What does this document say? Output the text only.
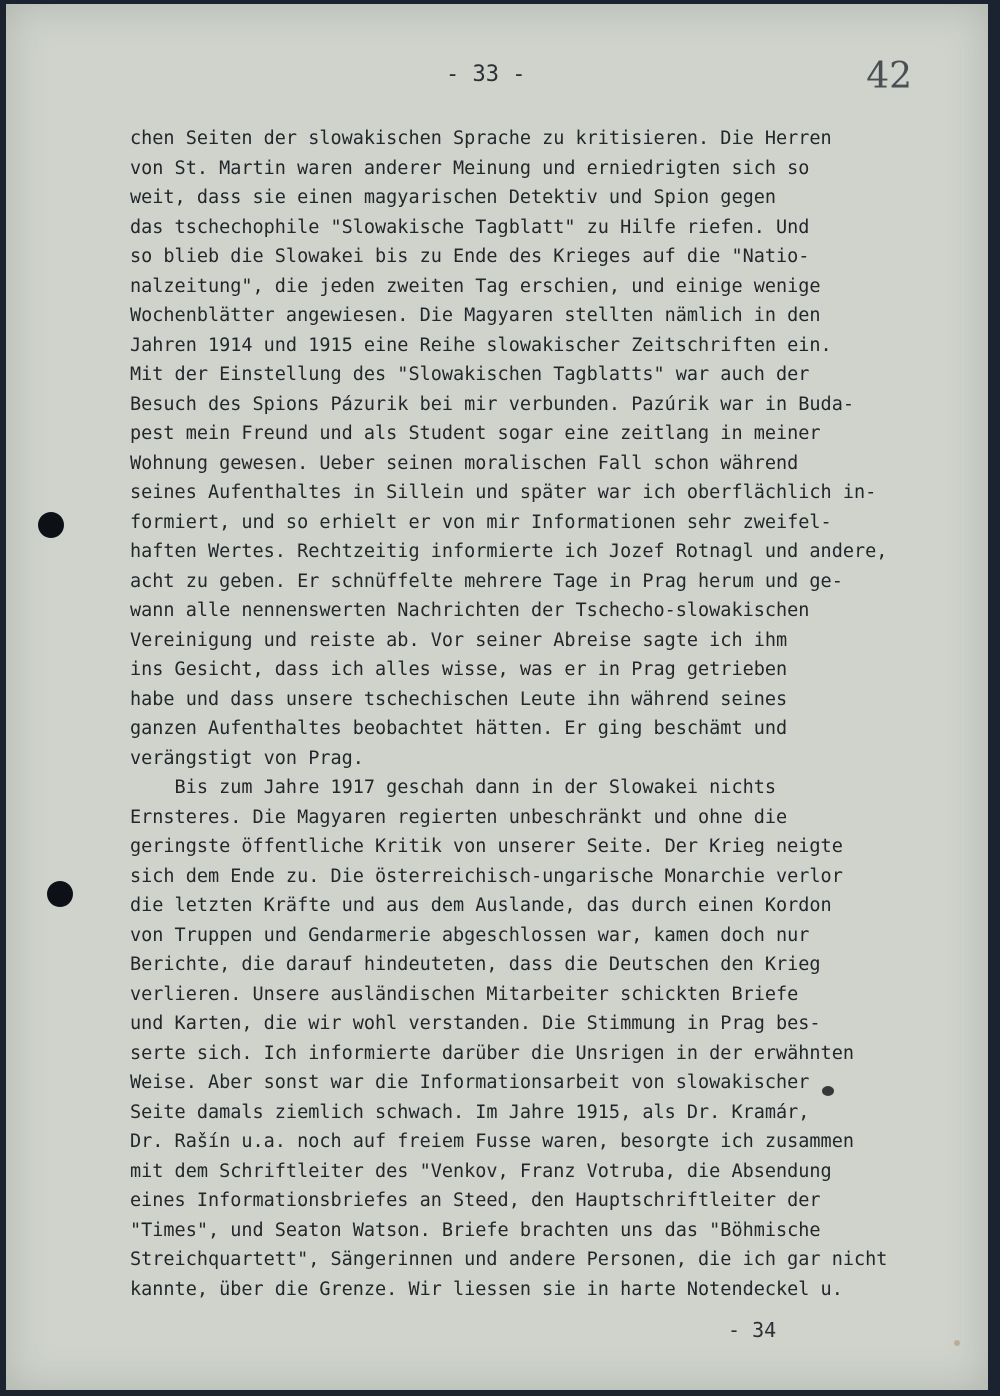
- 33 -	42
chen Seiten der slowakischen Sprache zu kritisieren. Die Herren
von St. Martin waren anderer Meinung und erniedrigten sich so
weit, dass sie einen magyarischen Detektiv und Spion gegen
das tschechophile "Slowakische Tagblatt" zu Hilfe riefen. Und
so blieb die Slowakei bis zu Ende des Krieges auf die "Natio-
nalzeitung", die jeden zweiten Tag erschien, und einige wenige
Wochenblätter angewiesen. Die Magyaren stellten nämlich in den
Jahren 1914 und 1915 eine Reihe slowakischer Zeitschriften ein.
Mit der Einstellung des "Slowakischen Tagblatts" war auch der
Besuch des Spions Pázurik bei mir verbunden. Pazúrik war in Buda-
pest mein Freund und als Student sogar eine zeitlang in meiner
Wohnung gewesen. Ueber seinen moralischen Fall schon während
seines Aufenthaltes in Sillein und später war ich oberflächlich in-
formiert, und so erhielt er von mir Informationen sehr zweifel-
haften Wertes. Rechtzeitig informierte ich Jozef Rotnagl und andere,
acht zu geben. Er schnüffelte mehrere Tage in Prag herum und ge-
wann alle nennenswerten Nachrichten der Tschecho-slowakischen
Vereinigung und reiste ab. Vor seiner Abreise sagte ich ihm
ins Gesicht, dass ich alles wisse, was er in Prag getrieben
habe und dass unsere tschechischen Leute ihn während seines
ganzen Aufenthaltes beobachtet hätten. Er ging beschämt und
verängstigt von Prag.
Bis zum Jahre 1917 geschah dann in der Slowakei nichts
Ernsteres. Die Magyaren regierten unbeschränkt und ohne die
geringste öffentliche Kritik von unserer Seite. Der Krieg neigte
sich dem Ende zu. Die österreichisch-ungarische Monarchie verlor
die letzten Kräfte und aus dem Auslande, das durch einen Kordon
von Truppen und Gendarmerie abgeschlossen war, kamen doch nur
Berichte, die darauf hindeuteten, dass die Deutschen den Krieg
verlieren. Unsere ausländischen Mitarbeiter schickten Briefe
und Karten, die wir wohl verstanden. Die Stimmung in Prag bes-
serte sich. Ich informierte darüber die Unsrigen in der erwähnten
Weise. Aber sonst war die Informationsarbeit von slowakischer
Seite damals ziemlich schwach. Im Jahre 1915, als Dr. Kramár,
Dr. Rašín u.a. noch auf freiem Fusse waren, besorgte ich zusammen
mit dem Schriftleiter des "Venkov, Franz Votruba, die Absendung
eines Informationsbriefes an Steed, den Hauptschriftleiter der
"Times", und Seaton Watson. Briefe brachten uns das "Böhmische
Streichquartett", Sängerinnen und andere Personen, die ich gar nicht
kannte, über die Grenze. Wir liessen sie in harte Notendeckel u.
- 34
